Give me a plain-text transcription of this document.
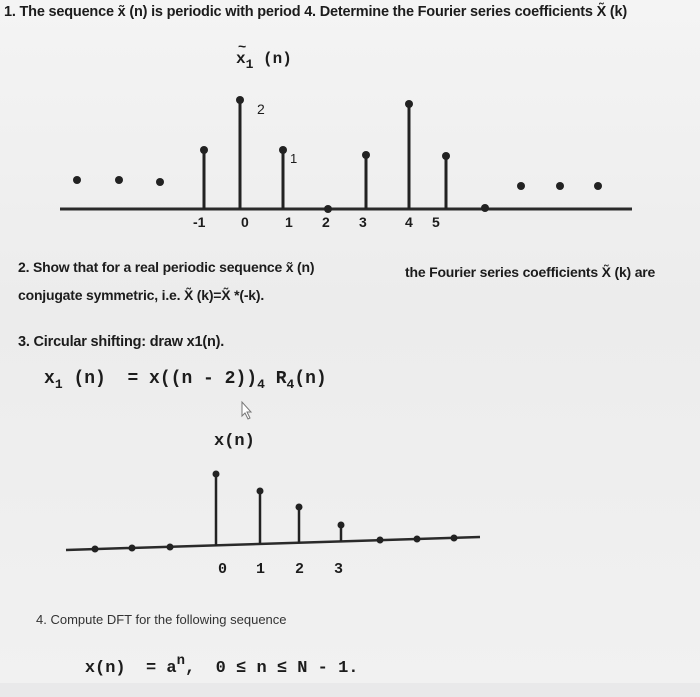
1. The sequence x̃ (n) is periodic with period 4. Determine the Fourier series coefficients X̃ (k)
$x_1$ (n)
~
2
1
-1	0	1 2 3	4 5
2. Show that for a real periodic sequence x̃ (n)	the Fourier series coefficients X̃ (k) are
conjugate symmetric, i.e. X̃ (k)=X̃ *(-k).
3. Circular shifting: draw x1(n).
$x_1$ $(n) = x((n - 2))_4$ $R_4(n)$
x(n)
0 1 2 3
4. Compute DFT for the following sequence

$x(n) = a^n$,  0 ≤ n ≤ N - 1.
